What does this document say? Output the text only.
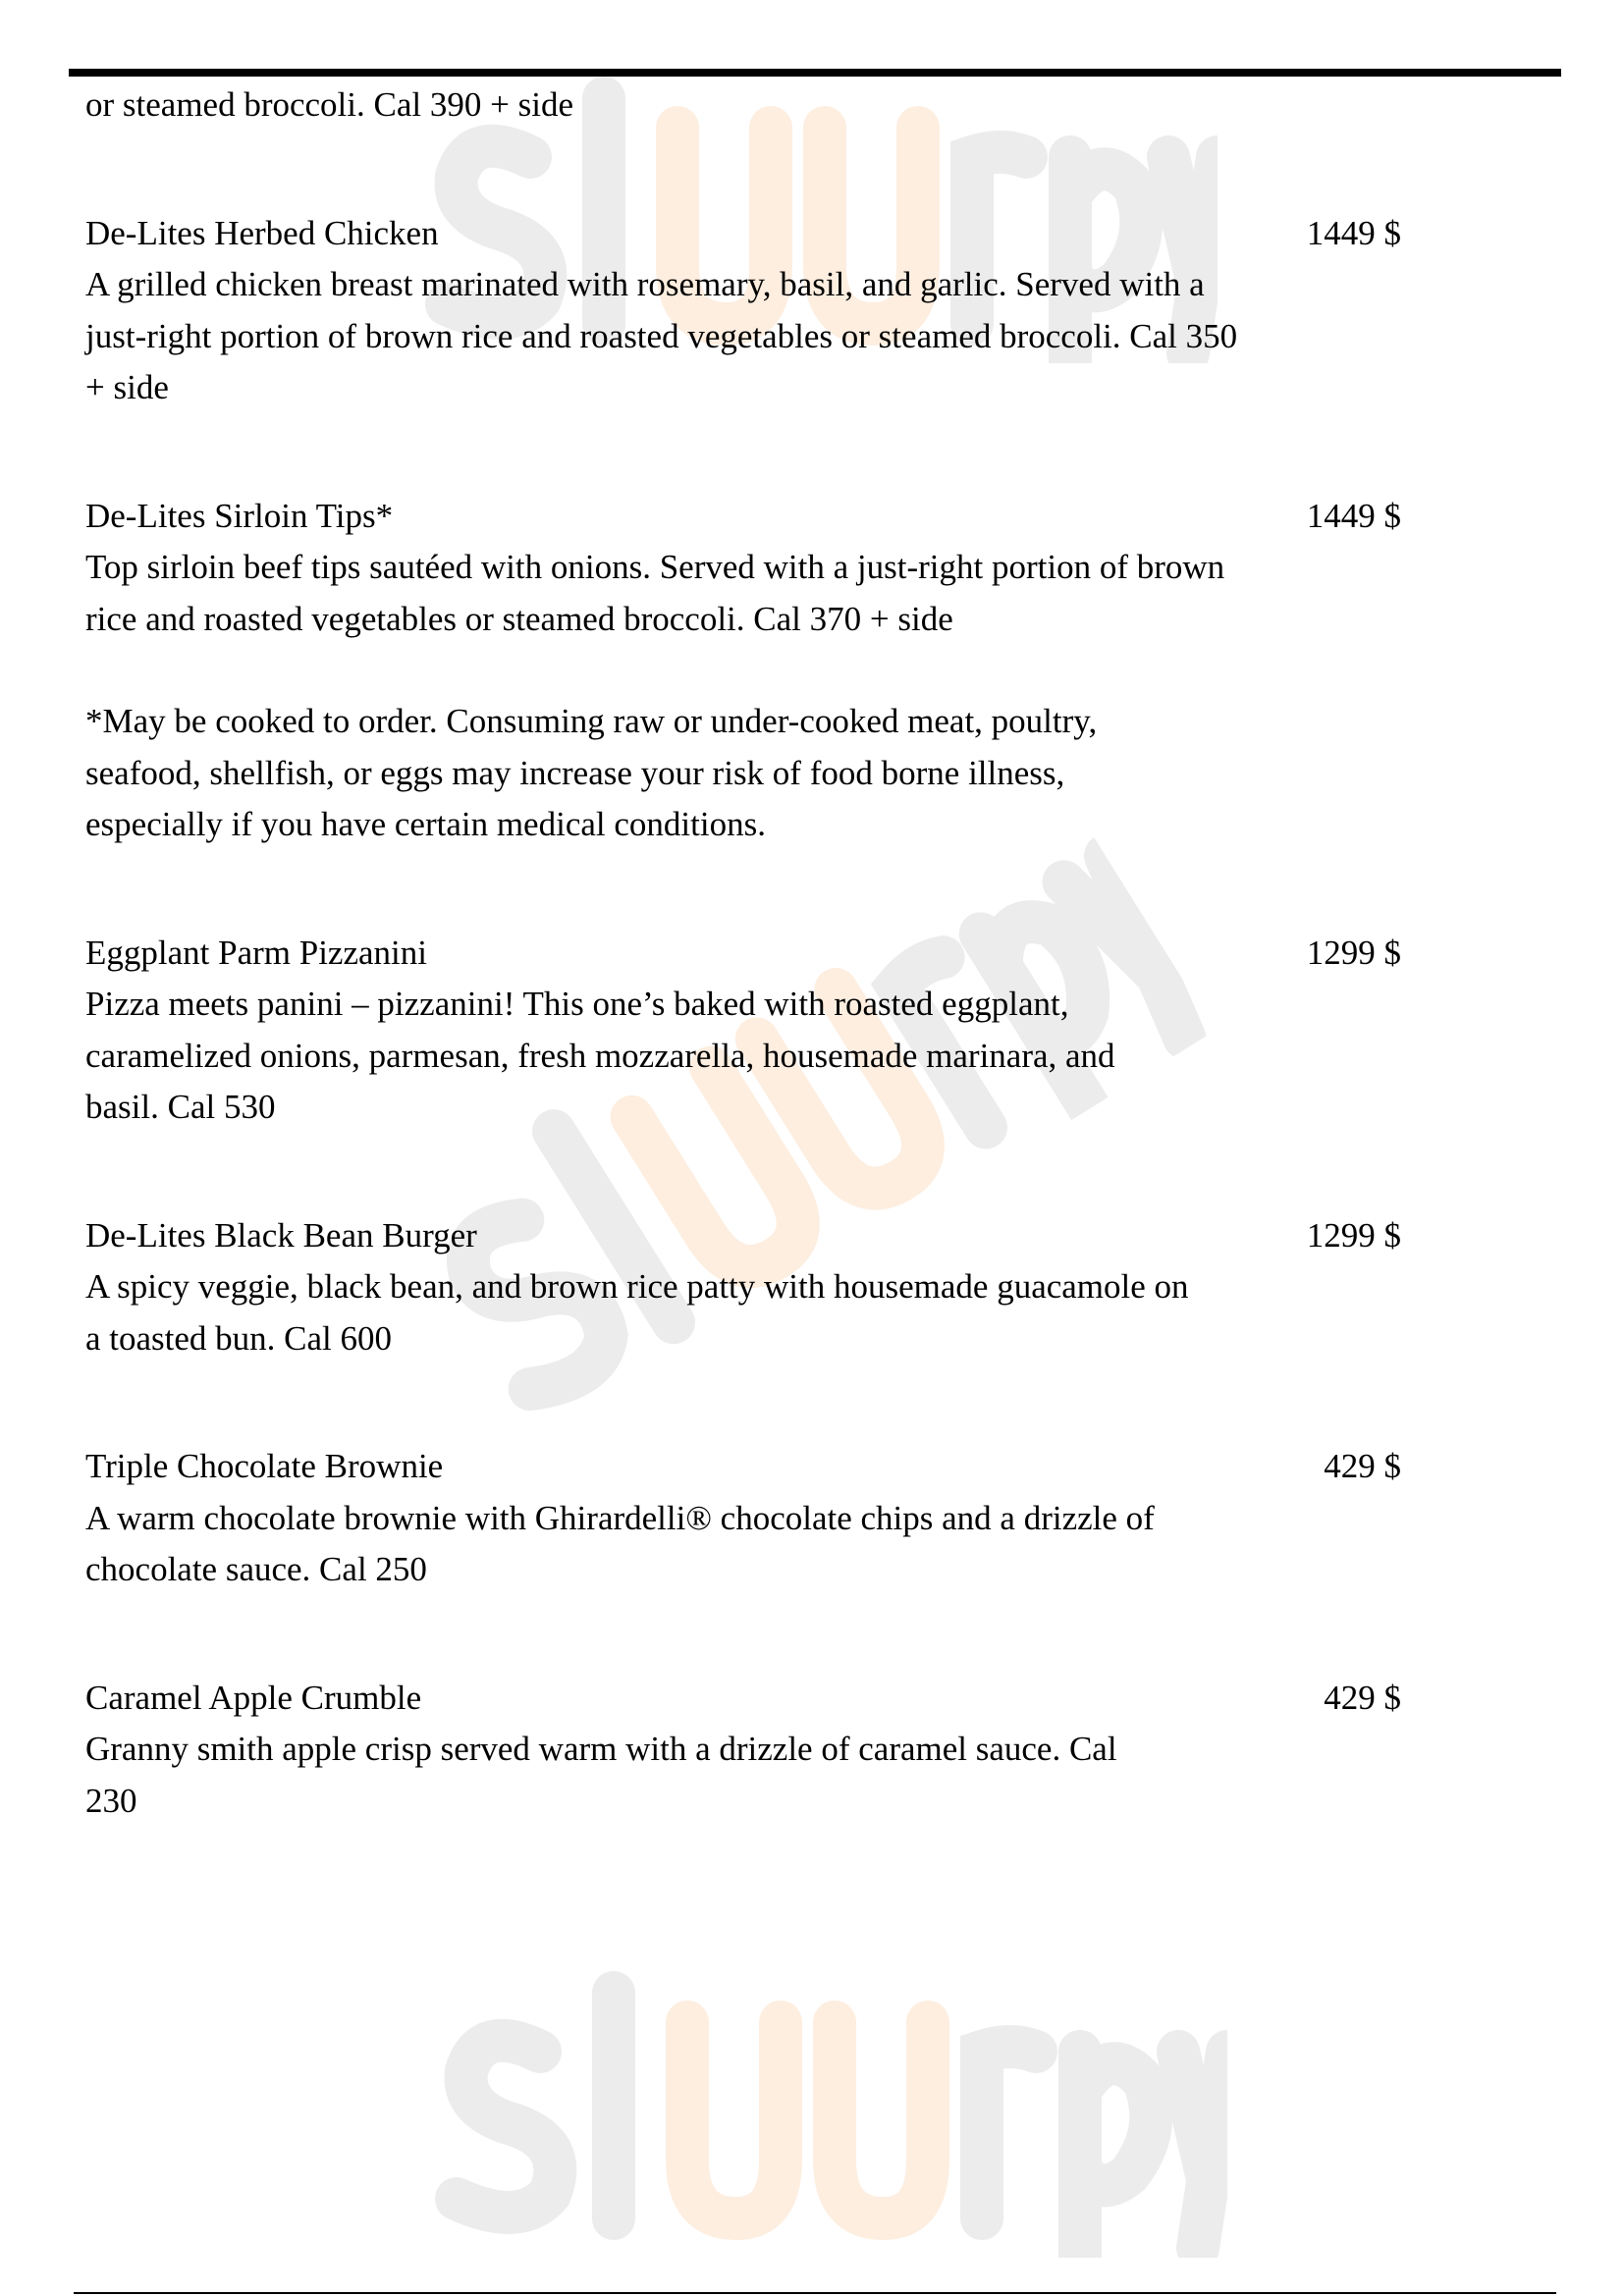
or steamed broccoli. Cal 390 + side
De-Lites Herbed Chicken	1449 $
A grilled chicken breast marinated with rosemary, basil, and garlic. Served with a just-right portion of brown rice and roasted vegetables or steamed broccoli. Cal 350 + side
De-Lites Sirloin Tips*	1449 $
Top sirloin beef tips sautéed with onions. Served with a just-right portion of brown rice and roasted vegetables or steamed broccoli. Cal 370 + side
*May be cooked to order. Consuming raw or under-cooked meat, poultry, seafood, shellfish, or eggs may increase your risk of food borne illness, especially if you have certain medical conditions.
Eggplant Parm Pizzanini	1299 $
Pizza meets panini – pizzanini! This one’s baked with roasted eggplant, caramelized onions, parmesan, fresh mozzarella, housemade marinara, and basil. Cal 530
De-Lites Black Bean Burger	1299 $
A spicy veggie, black bean, and brown rice patty with housemade guacamole on a toasted bun. Cal 600
Triple Chocolate Brownie	429 $
A warm chocolate brownie with Ghirardelli® chocolate chips and a drizzle of chocolate sauce. Cal 250
Caramel Apple Crumble	429 $
Granny smith apple crisp served warm with a drizzle of caramel sauce. Cal 230
